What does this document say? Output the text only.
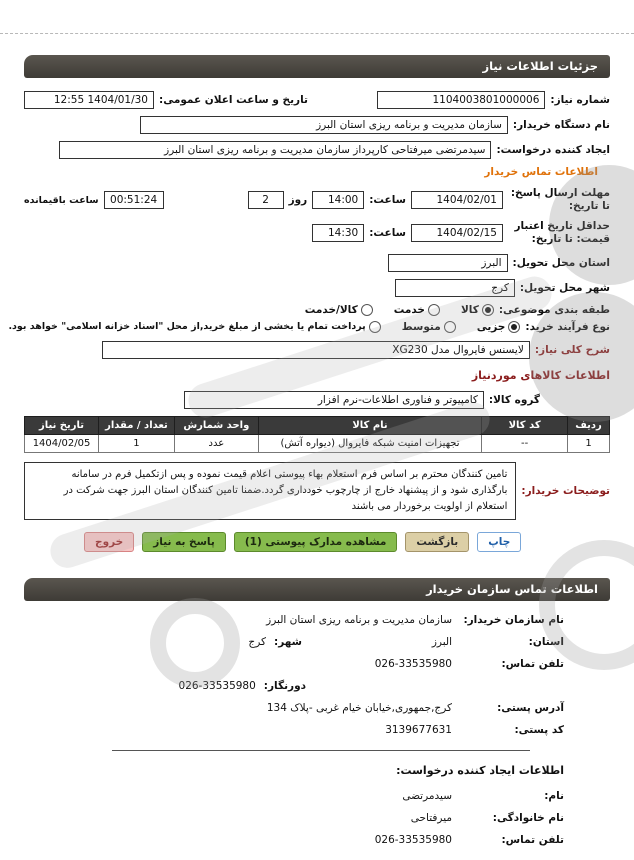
جزئیات اطلاعات نیاز
شماره نیاز:
1104003801000006
تاریخ و ساعت اعلان عمومی:
1404/01/30 12:55
نام دستگاه خریدار:
سازمان مدیریت و برنامه ریزی استان البرز
ایجاد کننده درخواست:
سیدمرتضی میرفتاحی کارپرداز سازمان مدیریت و برنامه ریزی استان البرز
اطلاعات تماس خریدار
مهلت ارسال پاسخ: تا تاریخ:
1404/02/01
ساعت:
14:00
روز
2
00:51:24
ساعت باقیمانده
حداقل تاریخ اعتبار قیمت: تا تاریخ:
1404/02/15
ساعت:
14:30
استان محل تحویل:
البرز
شهر محل تحویل:
کرج
طبقه بندی موضوعی:
کالا
خدمت
کالا/خدمت
نوع فرآیند خرید:
جزیی
متوسط
پرداخت تمام یا بخشی از مبلغ خرید,از محل "اسناد خزانه اسلامی" خواهد بود.
شرح کلی نیاز:
لایسنس فایروال مدل XG230
اطلاعات کالاهای موردنیاز
گروه کالا:
کامپیوتر و فناوری اطلاعات-نرم افزار
ردیف	کد کالا	نام کالا	واحد شمارش	تعداد / مقدار	تاریخ نیاز
1	--	تجهیزات امنیت شبکه فایروال (دیواره آتش)	عدد	1	1404/02/05
توضیحات خریدار:
تامین کنندگان محترم بر اساس فرم استعلام بهاء پیوستی اعلام قیمت نموده و پس ازتکمیل فرم در سامانه بارگذاری شود و از پیشنهاد خارج از چارچوب خودداری گردد.ضمنا تامین کنندگان استان البرز جهت شرکت در استعلام از اولویت برخوردار می باشند
خروج	پاسخ به نیاز	مشاهده مدارک پیوستی (1)	بازگشت	چاپ
اطلاعات تماس سازمان خریدار
نام سازمان خریدار:
سازمان مدیریت و برنامه ریزی استان البرز
استان:
البرز
شهر:
کرج
تلفن تماس:
026-33535980
دورنگار:
026-33535980
آدرس پستی:
کرج,جمهوری,خیابان خیام غربی -پلاک 134
کد پستی:
3139677631
اطلاعات ایجاد کننده درخواست:
نام:
سیدمرتضی
نام خانوادگی:
میرفتاحی
تلفن تماس:
026-33535980
